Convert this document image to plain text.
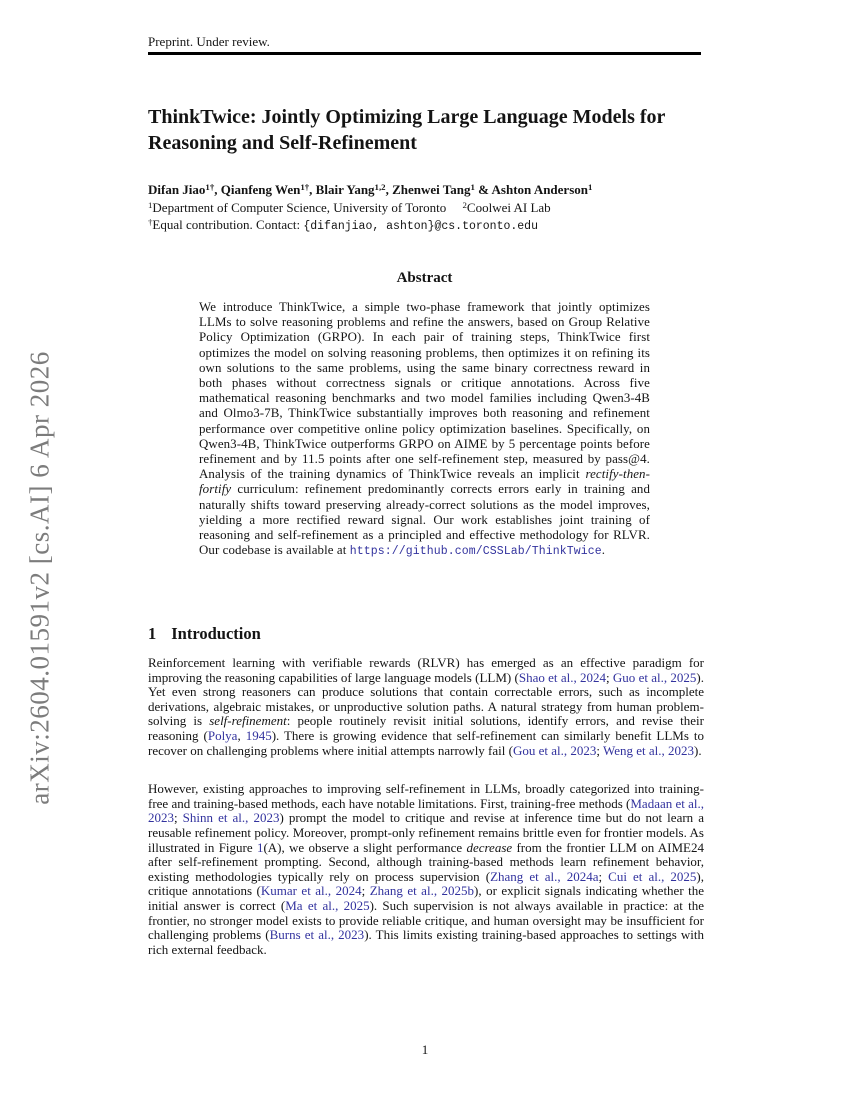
Preprint. Under review.
arXiv:2604.01591v2 [cs.AI] 6 Apr 2026
ThinkTwice: Jointly Optimizing Large Language Models for Reasoning and Self-Refinement
Difan Jiao$^{1\dagger}$, Qianfeng Wen$^{1\dagger}$, Blair Yang$^{1,2}$, Zhenwei Tang$^1$ & Ashton Anderson$^1$
$^1$Department of Computer Science, University of Toronto $^2$Coolwei AI Lab
†Equal contribution. Contact: {difanjiao, ashton}@cs.toronto.edu
Abstract
We introduce ThinkTwice, a simple two-phase framework that jointly optimizes LLMs to solve reasoning problems and refine the answers, based on Group Relative Policy Optimization (GRPO). In each pair of training steps, ThinkTwice first optimizes the model on solving reasoning problems, then optimizes it on refining its own solutions to the same problems, using the same binary correctness reward in both phases without correctness signals or critique annotations. Across five mathematical reasoning benchmarks and two model families including Qwen3-4B and Olmo3-7B, ThinkTwice substantially improves both reasoning and refinement performance over competitive online policy optimization baselines. Specifically, on Qwen3-4B, ThinkTwice outperforms GRPO on AIME by 5 percentage points before refinement and by 11.5 points after one self-refinement step, measured by pass@4. Analysis of the training dynamics of ThinkTwice reveals an implicit rectify-then-fortify curriculum: refinement predominantly corrects errors early in training and naturally shifts toward preserving already-correct solutions as the model improves, yielding a more rectified reward signal. Our work establishes joint training of reasoning and self-refinement as a principled and effective methodology for RLVR. Our codebase is available at https://github.com/CSSLab/ThinkTwice.
1 Introduction

Reinforcement learning with verifiable rewards (RLVR) has emerged as an effective paradigm for improving the reasoning capabilities of large language models (LLM) (Shao et al., 2024; Guo et al., 2025). Yet even strong reasoners can produce solutions that contain correctable errors, such as incomplete derivations, algebraic mistakes, or unproductive solution paths. A natural strategy from human problem-solving is self-refinement: people routinely revisit initial solutions, identify errors, and revise their reasoning (Polya, 1945). There is growing evidence that self-refinement can similarly benefit LLMs to recover on challenging problems where initial attempts narrowly fail (Gou et al., 2023; Weng et al., 2023).

However, existing approaches to improving self-refinement in LLMs, broadly categorized into training-free and training-based methods, each have notable limitations. First, training-free methods (Madaan et al., 2023; Shinn et al., 2023) prompt the model to critique and revise at inference time but do not learn a reusable refinement policy. Moreover, prompt-only refinement remains brittle even for frontier models. As illustrated in Figure 1(A), we observe a slight performance decrease from the frontier LLM on AIME24 after self-refinement prompting. Second, although training-based methods learn refinement behavior, existing methodologies typically rely on process supervision (Zhang et al., 2024a; Cui et al., 2025), critique annotations (Kumar et al., 2024; Zhang et al., 2025b), or explicit signals indicating whether the initial answer is correct (Ma et al., 2025). Such supervision is not always available in practice: at the frontier, no stronger model exists to provide reliable critique, and human oversight may be insufficient for challenging problems (Burns et al., 2023). This limits existing training-based approaches to settings with rich external feedback.

1
